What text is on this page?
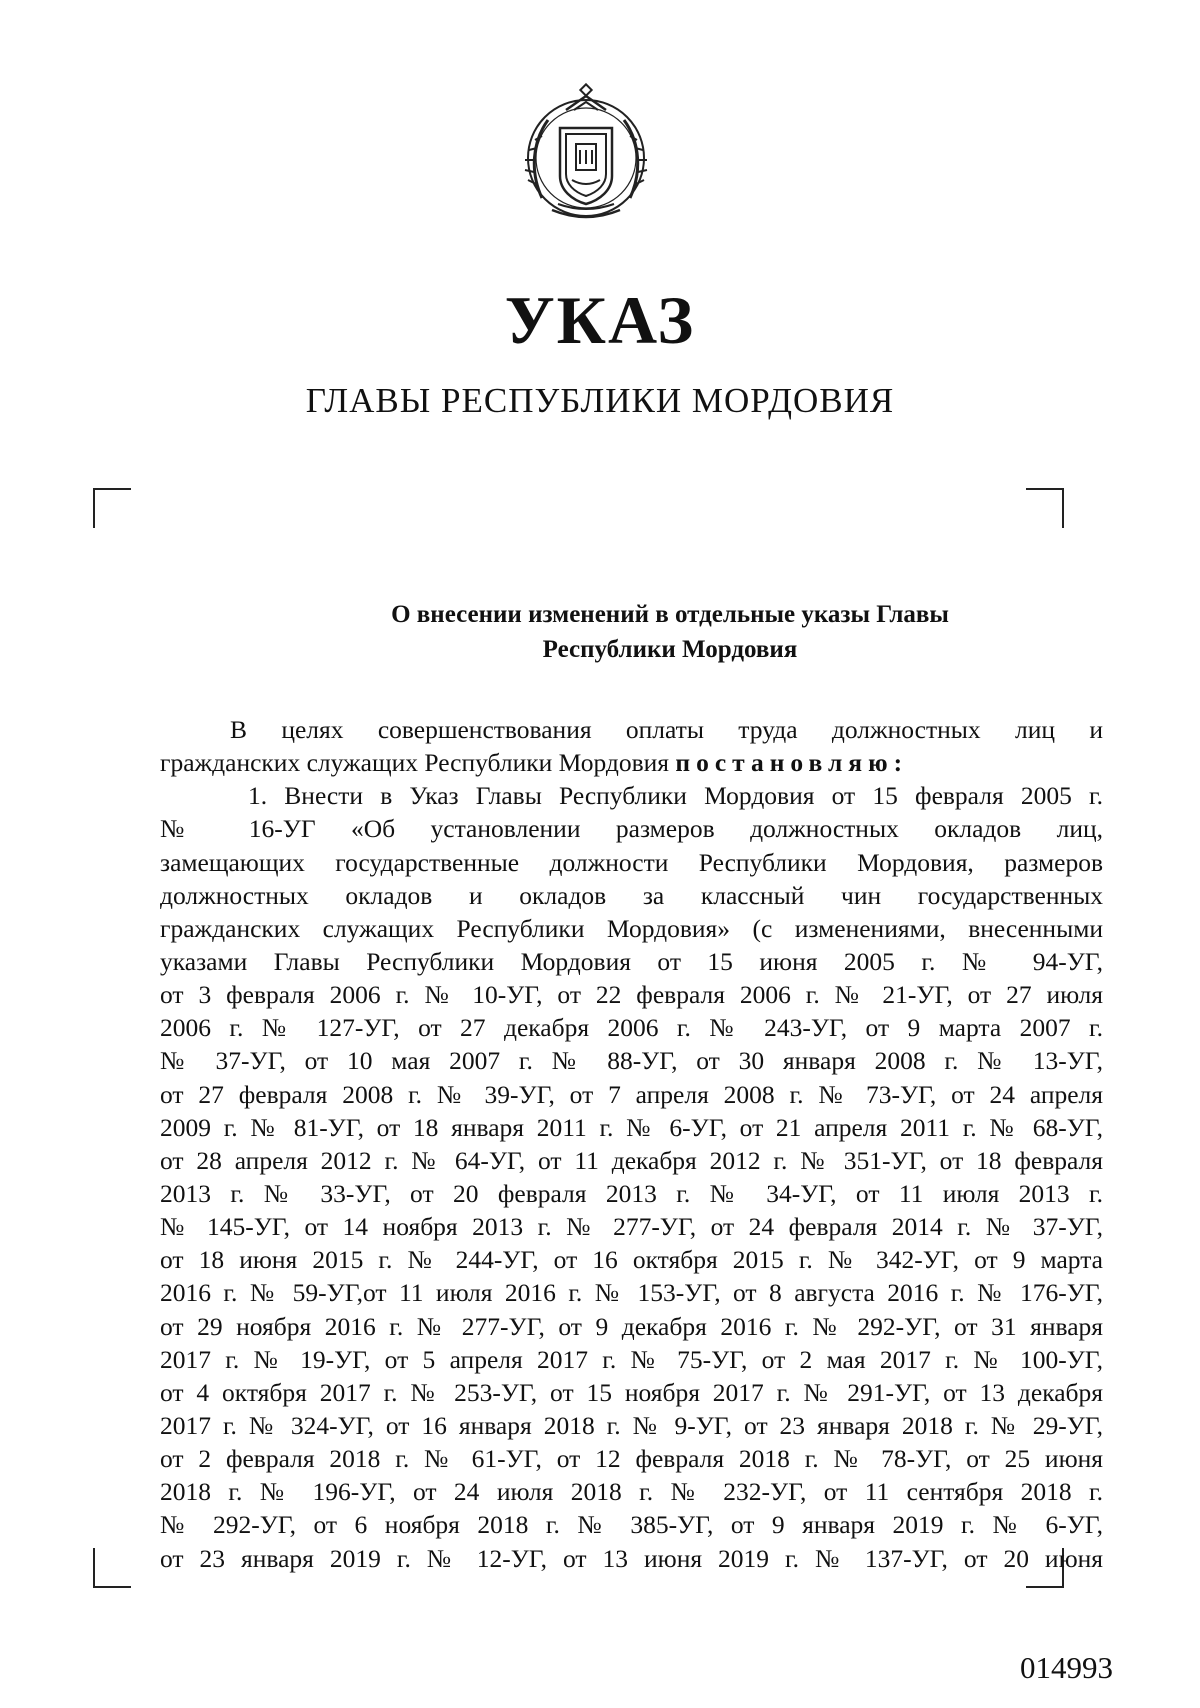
УКАЗ
ГЛАВЫ РЕСПУБЛИКИ МОРДОВИЯ
О внесении изменений в отдельные указы Главы
Республики Мордовия
В целях совершенствования оплаты труда должностных лиц и
гражданских служащих Республики Мордовия постановляю:
1. Внести в Указ Главы Республики Мордовия от 15 февраля 2005 г.
№ 16-УГ «Об установлении размеров должностных окладов лиц,
замещающих государственные должности Республики Мордовия, размеров
должностных окладов и окладов за классный чин государственных
гражданских служащих Республики Мордовия» (с изменениями, внесенными
указами Главы Республики Мордовия от 15 июня 2005 г. № 94-УГ,
от 3 февраля 2006 г. № 10-УГ, от 22 февраля 2006 г. № 21-УГ, от 27 июля
2006 г. № 127-УГ, от 27 декабря 2006 г. № 243-УГ, от 9 марта 2007 г.
№ 37-УГ, от 10 мая 2007 г. № 88-УГ, от 30 января 2008 г. № 13-УГ,
от 27 февраля 2008 г. № 39-УГ, от 7 апреля 2008 г. № 73-УГ, от 24 апреля
2009 г. № 81-УГ, от 18 января 2011 г. № 6-УГ, от 21 апреля 2011 г. № 68-УГ,
от 28 апреля 2012 г. № 64-УГ, от 11 декабря 2012 г. № 351-УГ, от 18 февраля
2013 г. № 33-УГ, от 20 февраля 2013 г. № 34-УГ, от 11 июля 2013 г.
№ 145-УГ, от 14 ноября 2013 г. № 277-УГ, от 24 февраля 2014 г. № 37-УГ,
от 18 июня 2015 г. № 244-УГ, от 16 октября 2015 г. № 342-УГ, от 9 марта
2016 г. № 59-УГ,от 11 июля 2016 г. № 153-УГ, от 8 августа 2016 г. № 176-УГ,
от 29 ноября 2016 г. № 277-УГ, от 9 декабря 2016 г. № 292-УГ, от 31 января
2017 г. № 19-УГ, от 5 апреля 2017 г. № 75-УГ, от 2 мая 2017 г. № 100-УГ,
от 4 октября 2017 г. № 253-УГ, от 15 ноября 2017 г. № 291-УГ, от 13 декабря
2017 г. № 324-УГ, от 16 января 2018 г. № 9-УГ, от 23 января 2018 г. № 29-УГ,
от 2 февраля 2018 г. № 61-УГ, от 12 февраля 2018 г. № 78-УГ, от 25 июня
2018 г. № 196-УГ, от 24 июля 2018 г. № 232-УГ, от 11 сентября 2018 г.
№ 292-УГ, от 6 ноября 2018 г. № 385-УГ, от 9 января 2019 г. № 6-УГ,
от 23 января 2019 г. № 12-УГ, от 13 июня 2019 г. № 137-УГ, от 20 июня
014993
